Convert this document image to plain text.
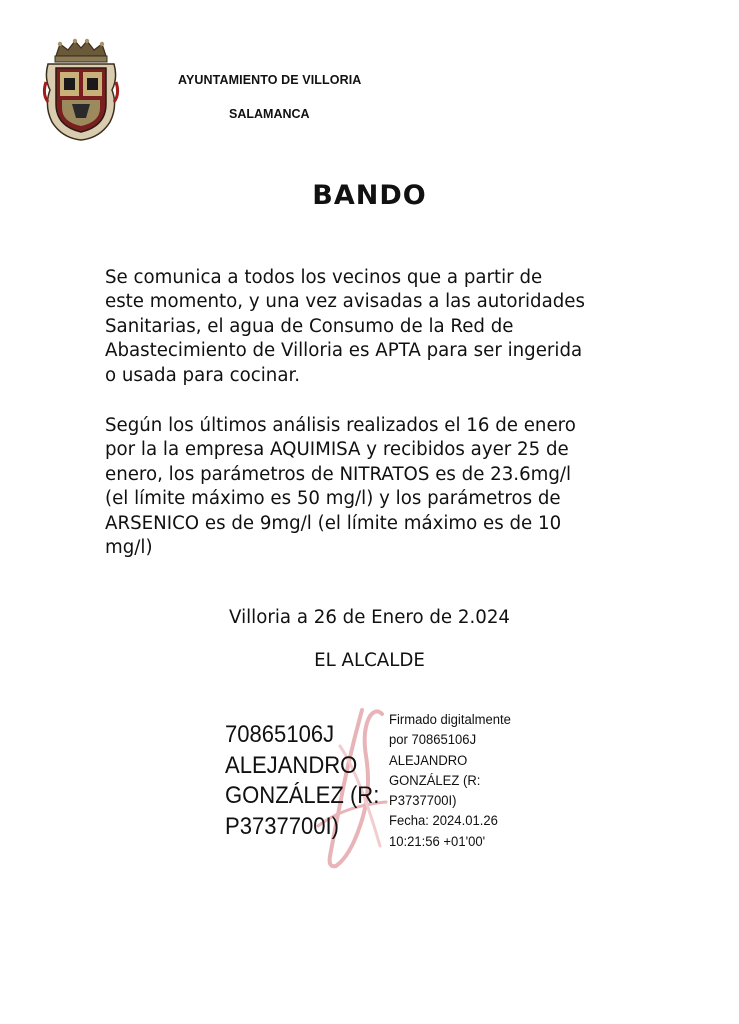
AYUNTAMIENTO DE VILLORIA
SALAMANCA
BANDO
Se comunica a todos los vecinos que a partir de
este momento, y una vez avisadas a las autoridades
Sanitarias, el agua de Consumo de la Red de
Abastecimiento de Villoria es APTA para ser ingerida
o usada para cocinar.
Según los últimos análisis realizados el 16 de enero
por la la empresa AQUIMISA y recibidos ayer 25 de
enero, los parámetros de NITRATOS es de 23.6mg/l
(el límite máximo es 50 mg/l) y los parámetros de
ARSENICO es de 9mg/l (el límite máximo es de 10
mg/l)
Villoria a 26 de Enero de 2.024
EL ALCALDE
70865106J
ALEJANDRO
GONZÁLEZ (R:
P3737700I)
Firmado digitalmente
por 70865106J
ALEJANDRO
GONZÁLEZ (R:
P3737700I)
Fecha: 2024.01.26
10:21:56 +01'00'
